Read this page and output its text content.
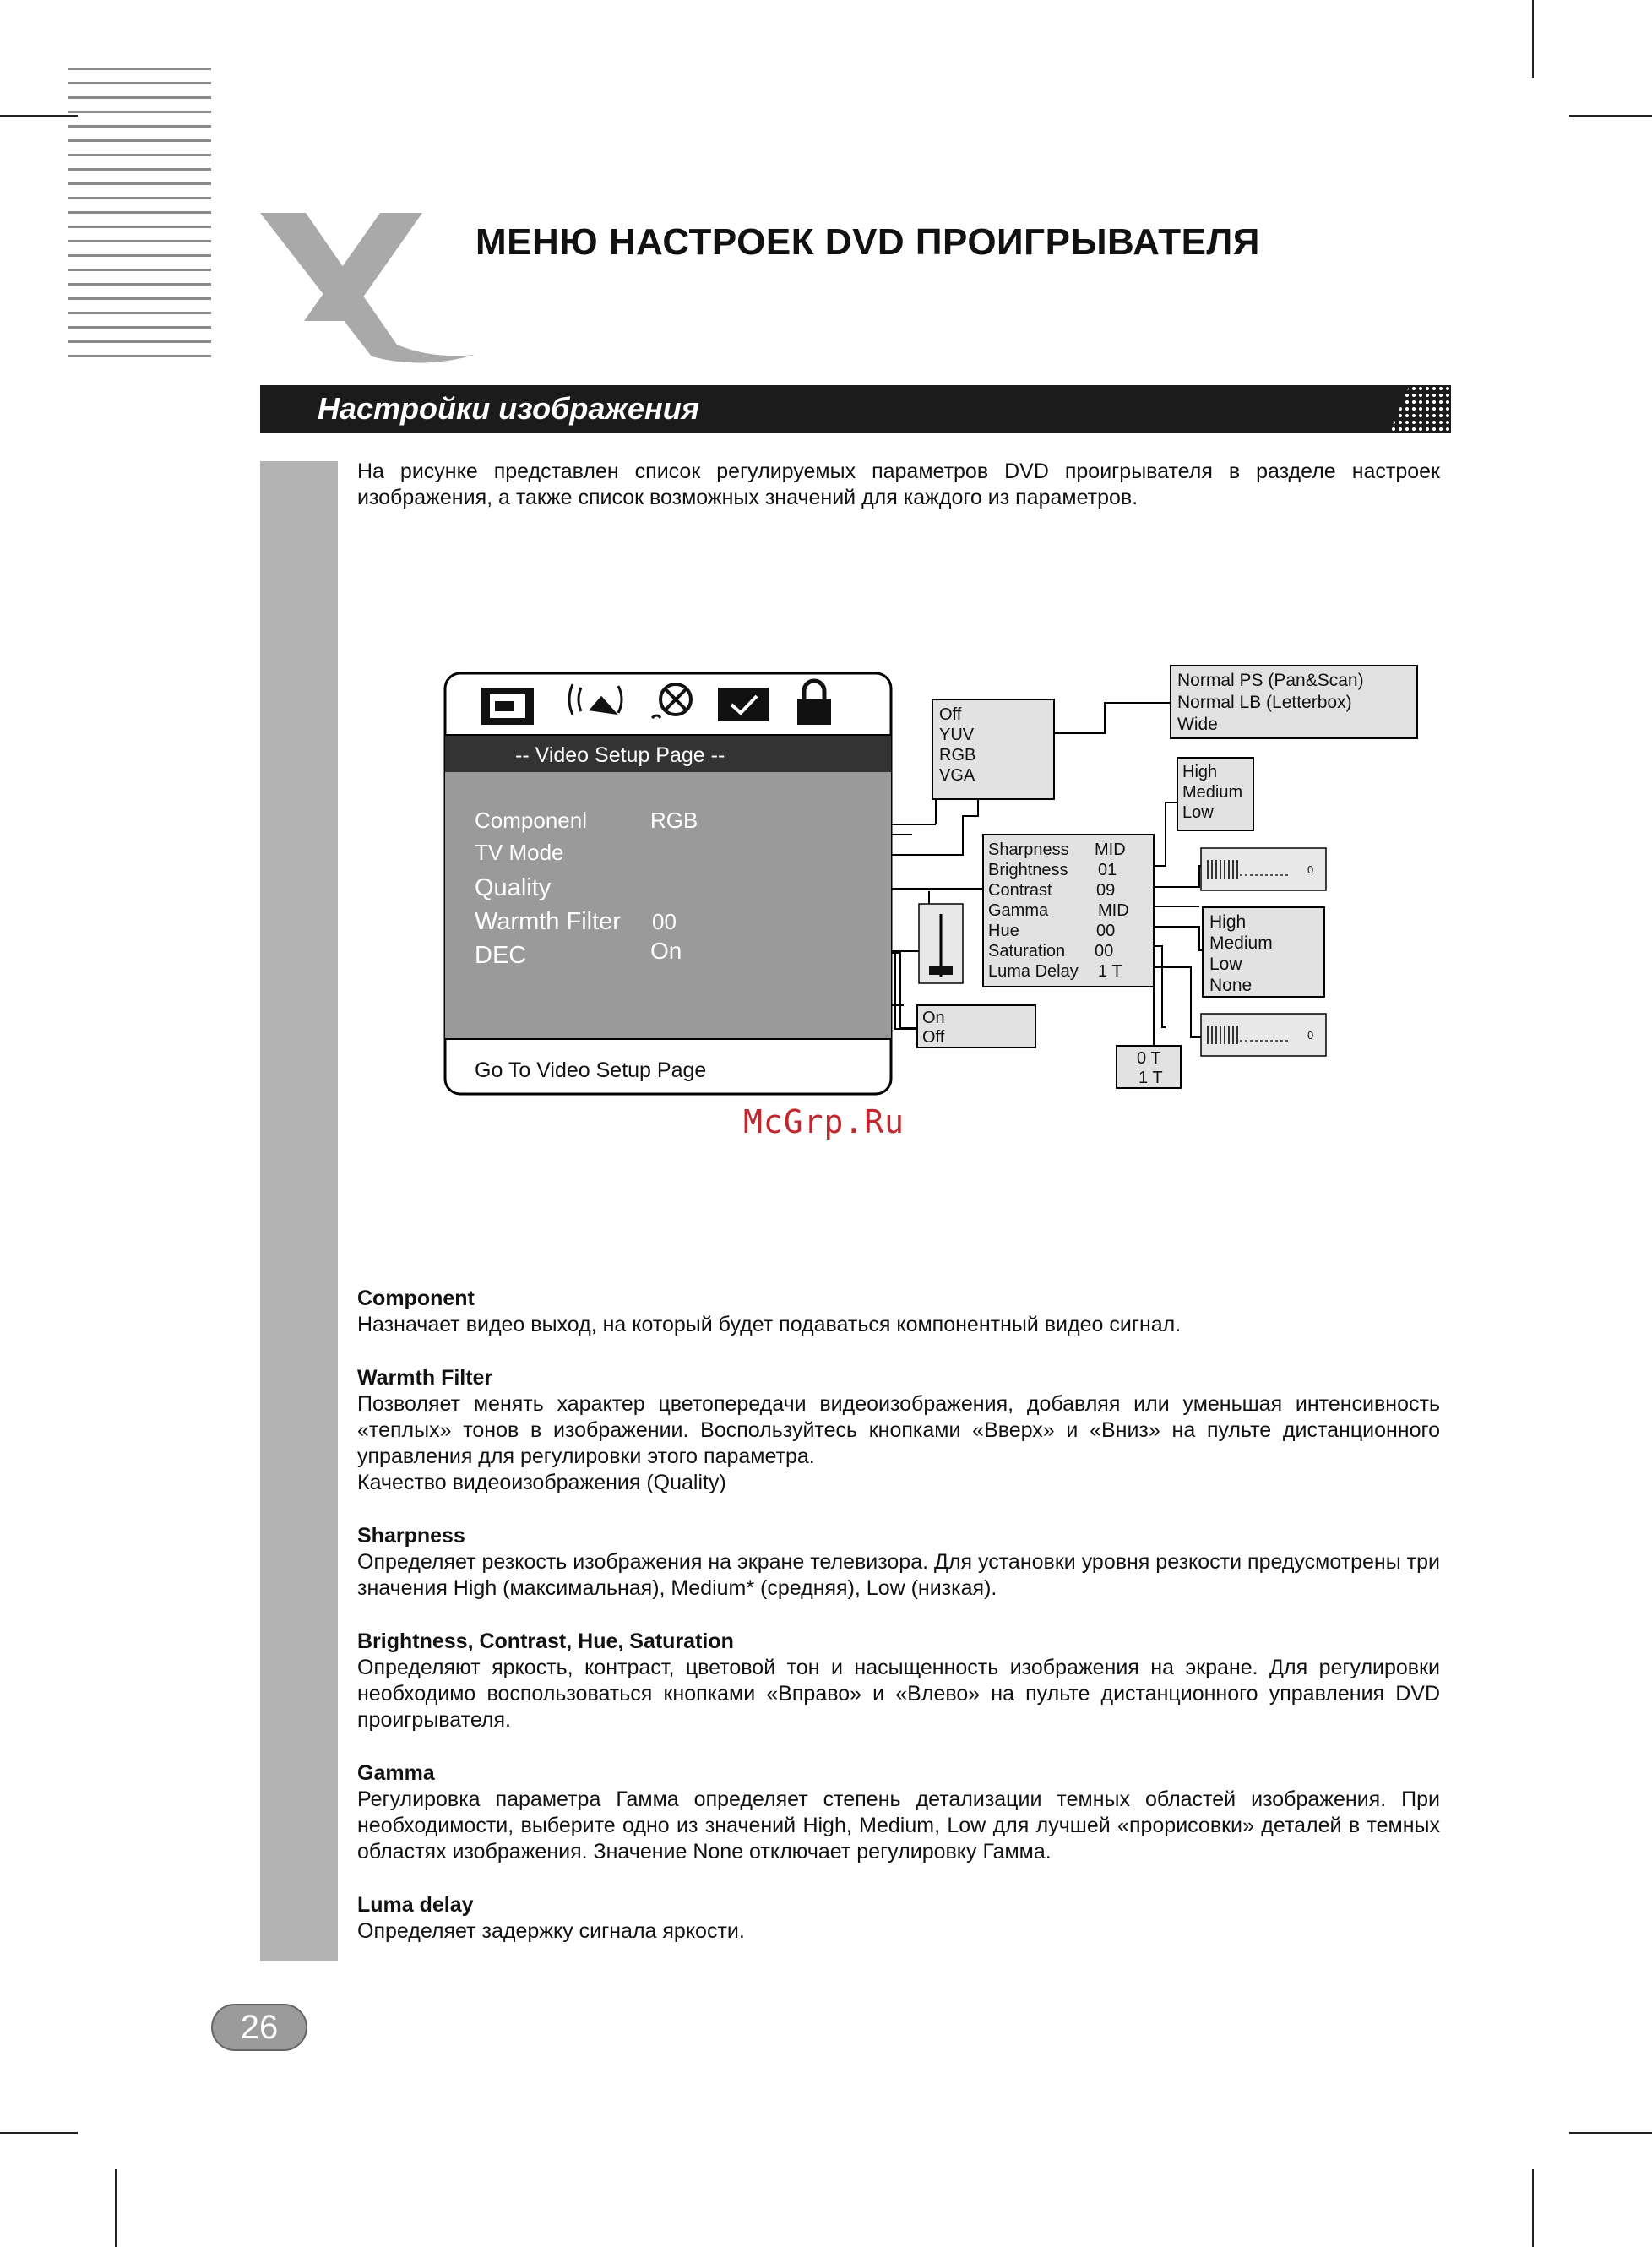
X
МЕНЮ НАСТРОЕК DVD ПРОИГРЫВАТЕЛЯ
Настройки изображения
На рисунке представлен список регулируемых параметров DVD проигрывателя в разделе настроек изображения, а также список возможных значений для каждого из параметров.
-- Video Setup Page --
Componenl	RGB
TV Mode
Quality
Warmth Filter 00
DEC	On
Go To Video Setup Page
Off
YUV
RGB
VGA
Normal PS (Pan&Scan)
Normal LB (Letterbox)
Wide
High
Medium
Low
Sharpness MID
Brightness 01
Contrast	09
Gamma	MID
Hue	00
Saturation 00
Luma Delay 1 T
0
0
High
Medium
Low
None
On
Off
0 T
1 T
McGrp.Ru
Component
Назначает видео выход, на который будет подаваться компонентный видео сигнал.
Warmth Filter
Позволяет менять характер цветопередачи видеоизображения, добавляя или уменьшая интенсивность «теплых» тонов в изображении. Воспользуйтесь кнопками «Вверх» и «Вниз» на пульте дистанционного управления для регулировки этого параметра.
Качество видеоизображения (Quality)
Sharpness
Определяет резкость изображения на экране телевизора. Для установки уровня резкости предусмотрены три значения High (максимальная), Medium* (средняя), Low (низкая).
Brightness, Contrast, Hue, Saturation
Определяют яркость, контраст, цветовой тон и насыщенность изображения на экране. Для регулировки необходимо воспользоваться кнопками «Вправо» и «Влево» на пульте дистанционного управления DVD проигрывателя.
Gamma
Регулировка параметра Гамма определяет степень детализации темных областей изображения. При необходимости, выберите одно из значений High, Medium, Low для лучшей «прорисовки» деталей в темных областях изображения. Значение None отключает регулировку Гамма.
Luma delay
Определяет задержку сигнала яркости.
26
